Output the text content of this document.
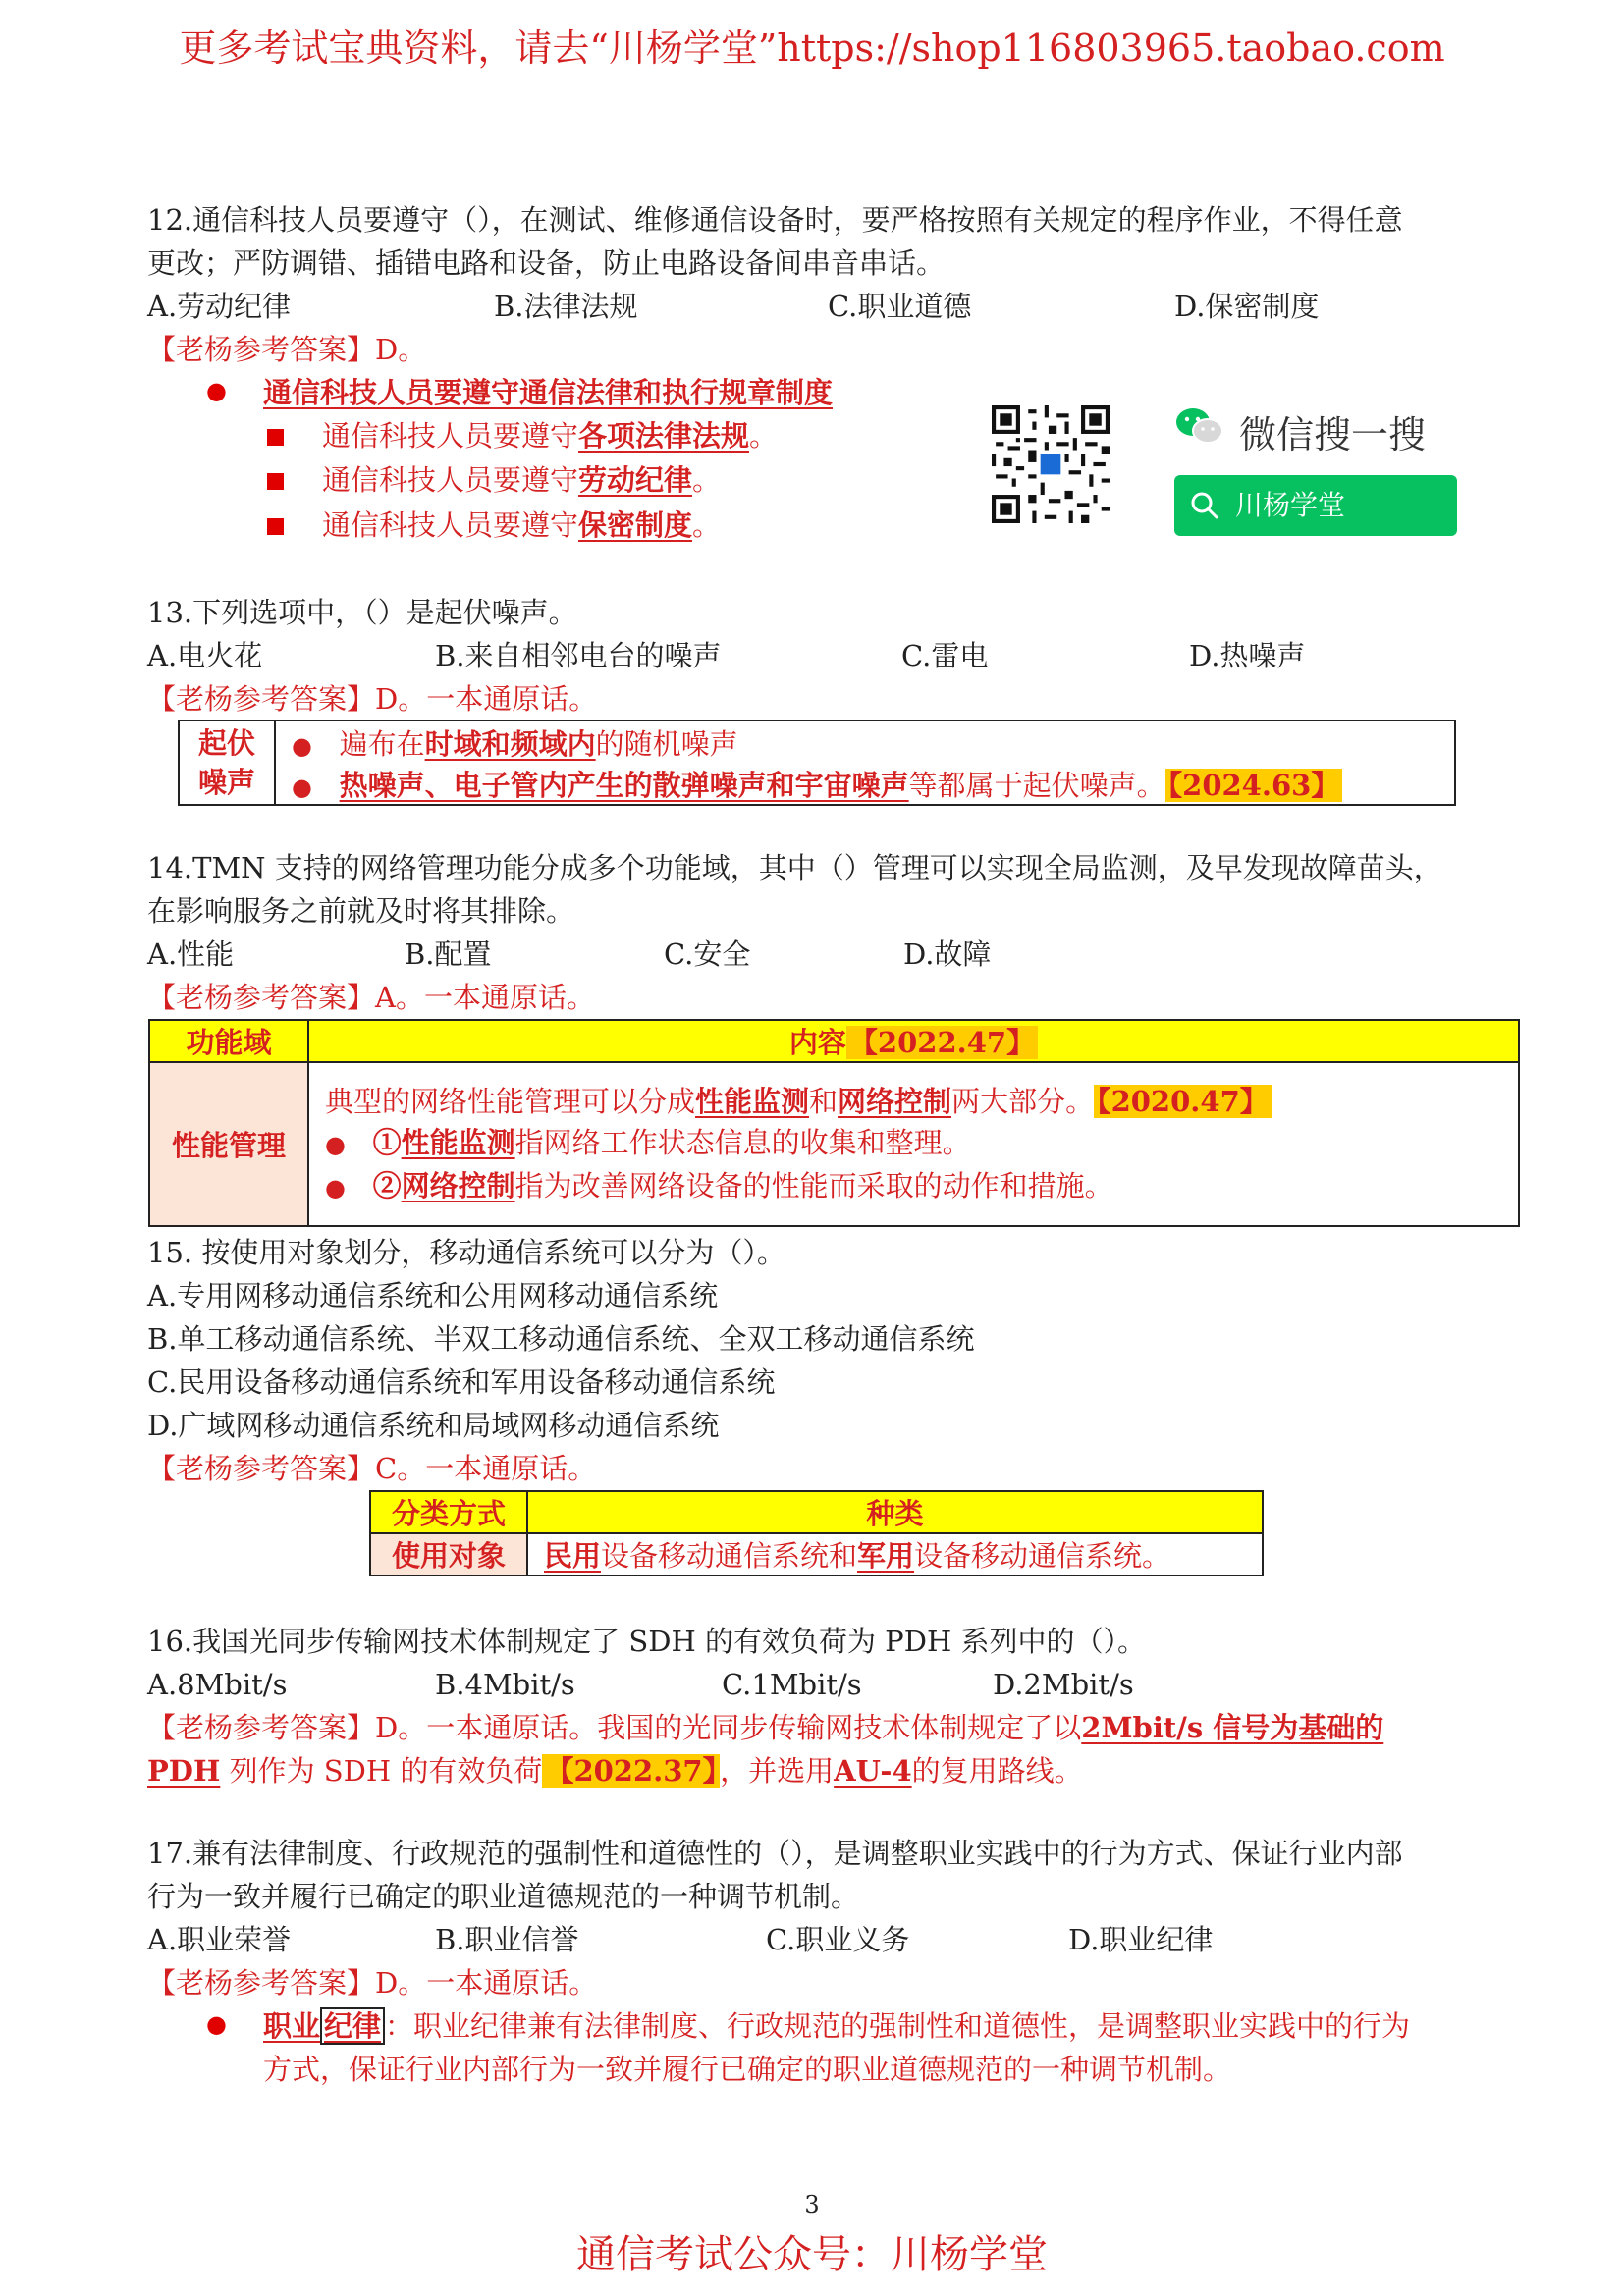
更多考试宝典资料，请去“川杨学堂”https://shop116803965.taobao.com
12.通信科技人员要遵守（），在测试、维修通信设备时，要严格按照有关规定的程序作业，不得任意
更改；严防调错、插错电路和设备，防止电路设备间串音串话。
A.劳动纪律	B.法律法规	C.职业道德	D.保密制度
【老杨参考答案】D。
● 通信科技人员要遵守通信法律和执行规章制度
通信科技人员要遵守各项法律法规。
通信科技人员要遵守劳动纪律。
通信科技人员要遵守保密制度。
微信搜一搜
川杨学堂
13.下列选项中，（）是起伏噪声。
A.电火花	B.来自相邻电台的噪声	C.雷电	D.热噪声
【老杨参考答案】D。一本通原话。
起伏
噪声
	● 遍布在时域和频域内的随机噪声
● 热噪声、电子管内产生的散弹噪声和宇宙噪声等都属于起伏噪声。 【2024.63】
14.TMN 支持的网络管理功能分成多个功能域，其中（）管理可以实现全局监测，及早发现故障苗头，
在影响服务之前就及时将其排除。
A.性能	B.配置	C.安全	D.故障
【老杨参考答案】A。一本通原话。
功能域	内容 【2022.47】
性能管理	典型的网络性能管理可以分成性能监测和网络控制两大部分。 【2020.47】
● ①性能监测指网络工作状态信息的收集和整理。
● ②网络控制指为改善网络设备的性能而采取的动作和措施。
15. 按使用对象划分，移动通信系统可以分为（）。
A.专用网移动通信系统和公用网移动通信系统
B.单工移动通信系统、半双工移动通信系统、全双工移动通信系统
C.民用设备移动通信系统和军用设备移动通信系统
D.广域网移动通信系统和局域网移动通信系统
【老杨参考答案】C。一本通原话。
分类方式	种类
使用对象	民用设备移动通信系统和军用设备移动通信系统。
16.我国光同步传输网技术体制规定了 SDH 的有效负荷为 PDH 系列中的（）。
A.8Mbit/s	B.4Mbit/s	C.1Mbit/s	D.2Mbit/s
【老杨参考答案】D。一本通原话。我国的光同步传输网技术体制规定了以2Mbit/s 信号为基础的
PDH 列作为 SDH 的有效负荷 【2022.37】 ，并选用AU-4的复用路线。
17.兼有法律制度、行政规范的强制性和道德性的（），是调整职业实践中的行为方式、保证行业内部
行为一致并履行已确定的职业道德规范的一种调节机制。
A.职业荣誉	B.职业信誉	C.职业义务	D.职业纪律
【老杨参考答案】D。一本通原话。
● 职业 纪律 ：职业纪律兼有法律制度、行政规范的强制性和道德性，是调整职业实践中的行为
方式，保证行业内部行为一致并履行已确定的职业道德规范的一种调节机制。
3
通信考试公众号：川杨学堂
